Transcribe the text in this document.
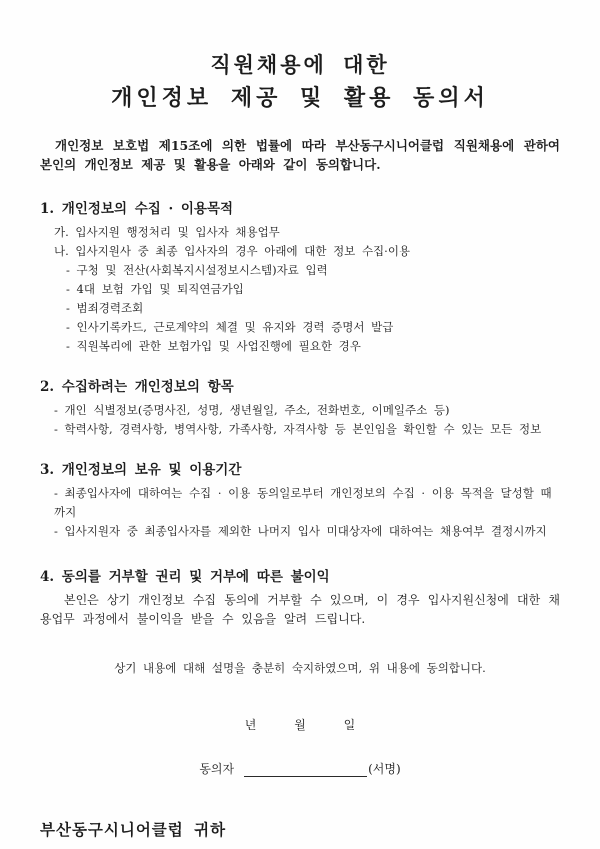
직원채용에 대한
개인정보 제공 및 활용 동의서

개인정보 보호법 제15조에 의한 법률에 따라 부산동구시니어클럽 직원채용에 관하여 본인의 개인정보 제공 및 활용을 아래와 같이 동의합니다.

1. 개인정보의 수집 · 이용목적
가. 입사지원 행정처리 및 입사자 채용업무
나. 입사지원사 중 최종 입사자의 경우 아래에 대한 정보 수집·이용
- 구청 및 전산(사회복지시설정보시스템)자료 입력
- 4대 보험 가입 및 퇴직연금가입
- 범죄경력조회
- 인사기록카드, 근로계약의 체결 및 유지와 경력 증명서 발급
- 직원복리에 관한 보험가입 및 사업진행에 필요한 경우
2. 수집하려는 개인정보의 항목
- 개인 식별정보(증명사진, 성명, 생년월일, 주소, 전화번호, 이메일주소 등)
- 학력사항, 경력사항, 병역사항, 가족사항, 자격사항 등 본인임을 확인할 수 있는 모든 정보
3. 개인정보의 보유 및 이용기간
- 최종입사자에 대하여는 수집 · 이용 동의일로부터 개인정보의 수집 · 이용 목적을 달성할 때까지
- 입사지원자 중 최종입사자를 제외한 나머지 입사 미대상자에 대하여는 채용여부 결정시까지
4. 동의를 거부할 권리 및 거부에 따른 불이익

본인은 상기 개인정보 수집 동의에 거부할 수 있으며, 이 경우 입사지원신청에 대한 채용업무 과정에서 불이익을 받을 수 있음을 알려 드립니다.

상기 내용에 대해 설명을 충분히 숙지하였으며, 위 내용에 동의합니다.
년	월	일
동의자	(서명)
부산동구시니어클럽 귀하
